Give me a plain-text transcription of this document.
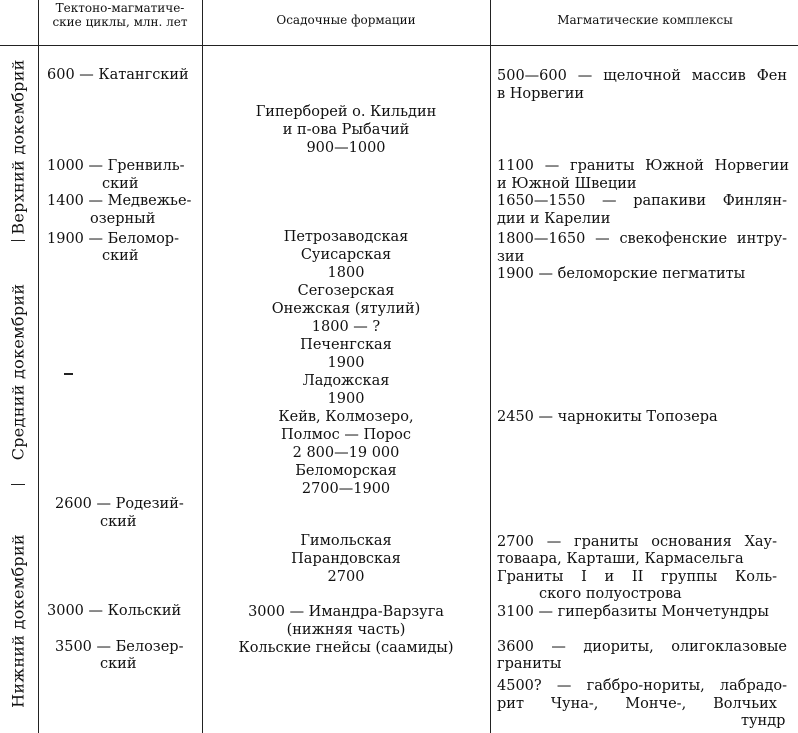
Тектоно-магматиче-
ские циклы, млн. лет	Осадочные формации	Магматические комплексы
Верхний докембрий
Средний докембрий
Нижний докембрий
600 — Катангский
1000 — Гренвиль-
ский
1400 — Медвежье-
озерный
1900 — Беломор-
ский
2600 — Родезий-
ский
3000 — Кольский
3500 — Белозер-
ский
Гиперборей о. Кильдин
и п-ова Рыбачий
900—1000
Петрозаводская
Суисарская
1800
Сегозерская
Онежская (ятулий)
1800 — ?
Печенгская
1900
Ладожская
1900
Кейв, Колмозеро,
Полмос — Порос
2 800—19 000
Беломорская
2700—1900
Гимольская
Парандовская
2700
3000 — Имандра-Варзуга
(нижняя часть)
Кольские гнейсы (саамиды)
500—600 — щелочной массив Фен
в Норвегии
1100 — граниты Южной Норвегии
и Южной Швеции
1650—1550 — рапакиви Финлян-
дии и Карелии
1800—1650 — свекофенские интру-
зии
1900 — беломорские пегматиты
2450 — чарнокиты Топозера
2700 — граниты основания Хау-
товаара, Карташи, Кармасельга
Граниты I и II группы Коль-
ского полуострова
3100 — гипербазиты Мончетундры
3600 — диориты, олигоклазовые
граниты
4500? — габбро-нориты, лабрадо-
рит Чуна-, Монче-, Волчьих
тундр
